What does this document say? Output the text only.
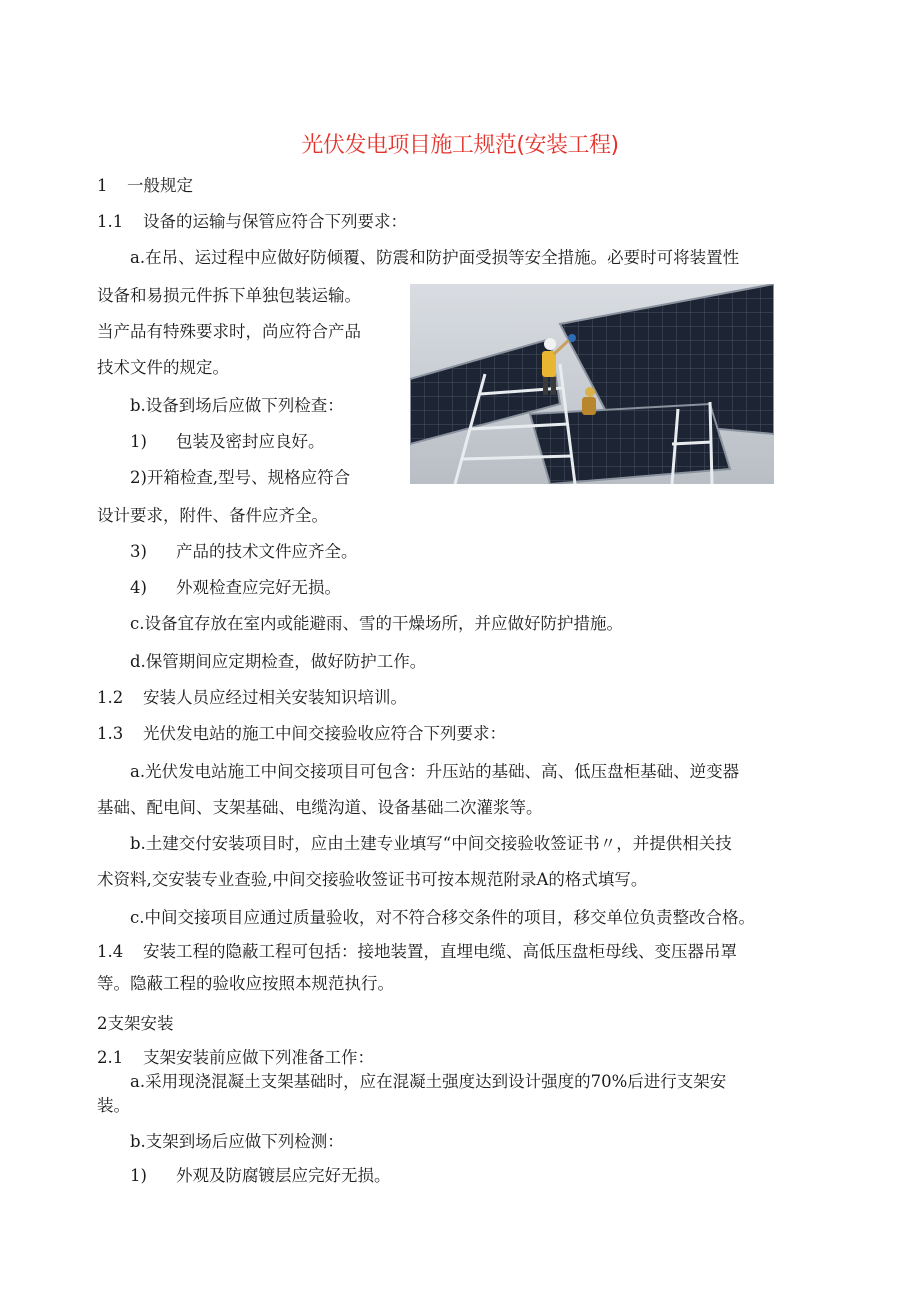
光伏发电项目施工规范(安装工程)
1 一般规定
1.1 设备的运输与保管应符合下列要求：
a.在吊、运过程中应做好防倾覆、防震和防护面受损等安全措施。必要时可将装置性
设备和易损元件拆下单独包装运输。
当产品有特殊要求时，尚应符合产品
技术文件的规定。
b.设备到场后应做下列检查：
1) 包装及密封应良好。
2)开箱检查,型号、规格应符合
设计要求，附件、备件应齐全。
3) 产品的技术文件应齐全。
4) 外观检查应完好无损。
c.设备宜存放在室内或能避雨、雪的干燥场所，并应做好防护措施。
d.保管期间应定期检查，做好防护工作。
1.2 安装人员应经过相关安装知识培训。
1.3 光伏发电站的施工中间交接验收应符合下列要求：
a.光伏发电站施工中间交接项目可包含：升压站的基础、高、低压盘柜基础、逆变器
基础、配电间、支架基础、电缆沟道、设备基础二次灌浆等。
b.土建交付安装项目时，应由土建专业填写“中间交接验收签证书〃，并提供相关技
术资料,交安装专业查验,中间交接验收签证书可按本规范附录A的格式填写。
c.中间交接项目应通过质量验收，对不符合移交条件的项目，移交单位负责整改合格。
1.4 安装工程的隐蔽工程可包括：接地装置，直埋电缆、高低压盘柜母线、变压器吊罩
等。隐蔽工程的验收应按照本规范执行。
2支架安装
2.1 支架安装前应做下列准备工作：
a.采用现浇混凝土支架基础时，应在混凝土强度达到设计强度的70%后进行支架安
装。
b.支架到场后应做下列检测：
1) 外观及防腐镀层应完好无损。
